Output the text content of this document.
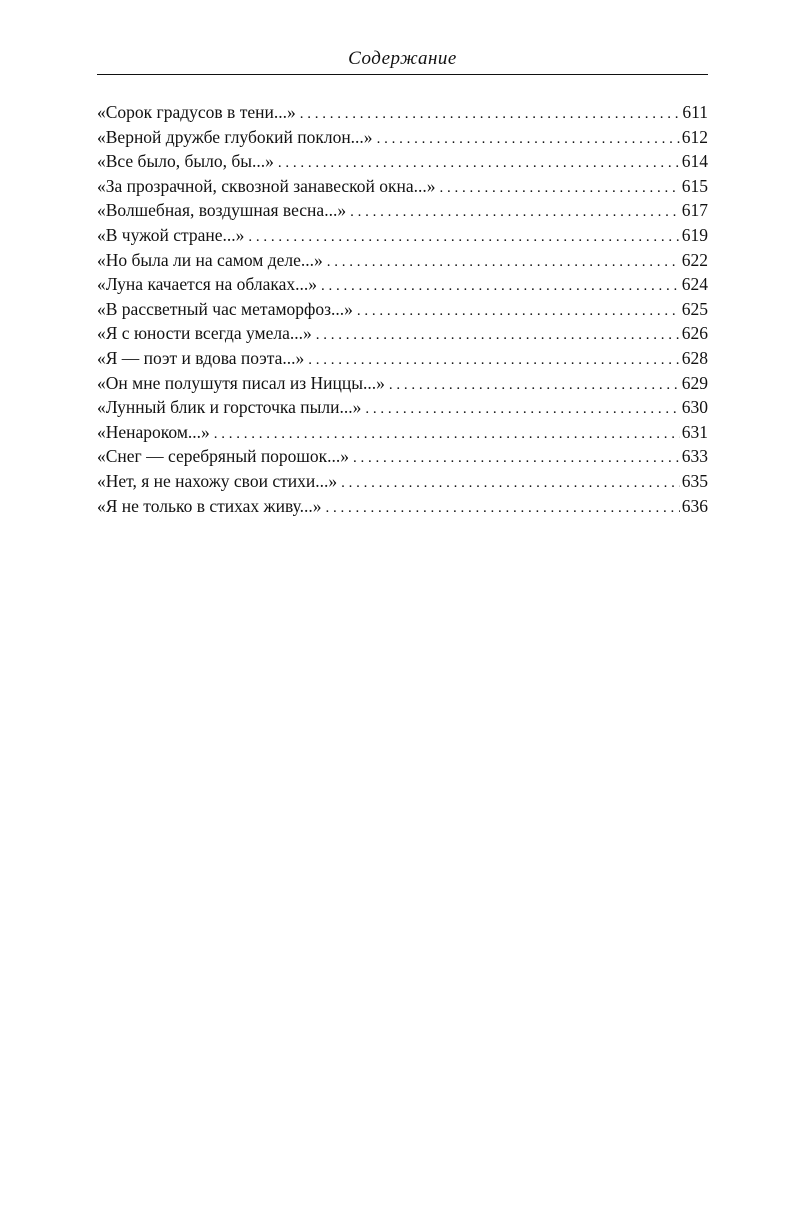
Содержание
«Сорок градусов в тени...» . . .	611
«Верной дружбе глубокий поклон...» . . .	612
«Все было, было, бы...» . . .	614
«За прозрачной, сквозной занавеской окна...» . . .	615
«Волшебная, воздушная весна...» . . .	617
«В чужой стране...» . . .	619
«Но была ли на самом деле...» . . .	622
«Луна качается на облаках...» . . .	624
«В рассветный час метаморфоз...» . . .	625
«Я с юности всегда умела...» . . .	626
«Я — поэт и вдова поэта...» . . .	628
«Он мне полушутя писал из Ниццы...» . . .	629
«Лунный блик и горсточка пыли...» . . .	630
«Ненароком...» . . .	631
«Снег — серебряный порошок...» . . .	633
«Нет, я не нахожу свои стихи...» . . .	635
«Я не только в стихах живу...» . . .	636
